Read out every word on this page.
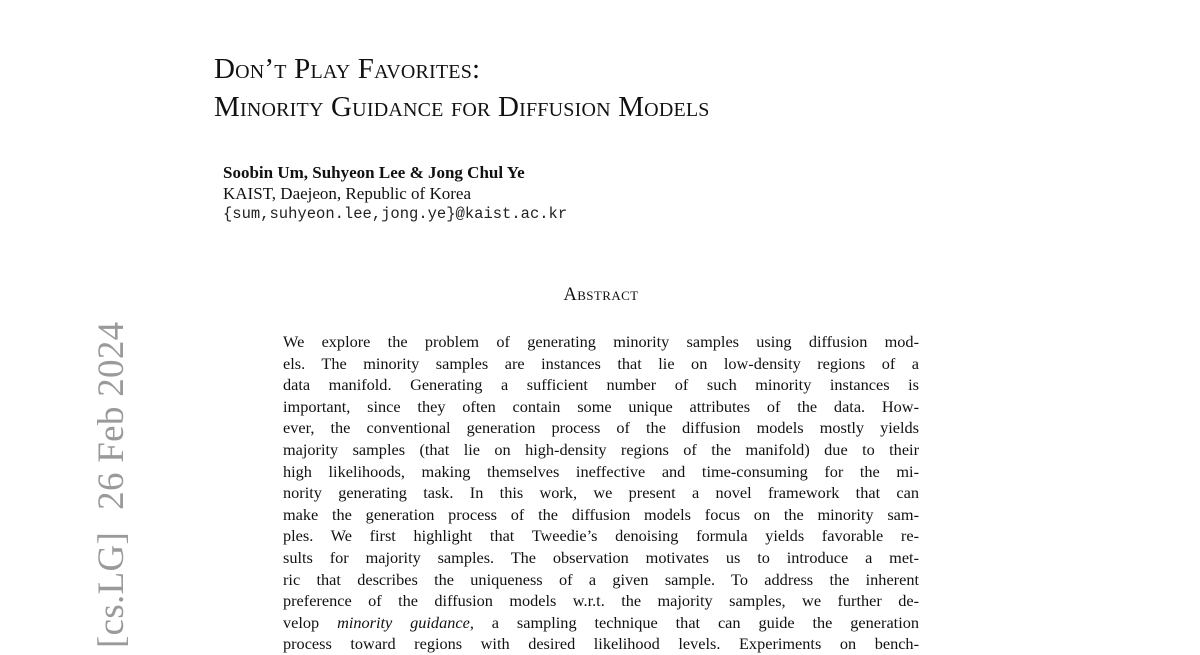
[cs.LG]26 Feb 2024
Don’t Play Favorites:
Minority Guidance for Diffusion Models
Soobin Um, Suhyeon Lee & Jong Chul Ye
KAIST, Daejeon, Republic of Korea
{sum,suhyeon.lee,jong.ye}@kaist.ac.kr
Abstract
We explore the problem of generating minority samples using diffusion mod-
els. The minority samples are instances that lie on low-density regions of a
data manifold. Generating a sufficient number of such minority instances is
important, since they often contain some unique attributes of the data. How-
ever, the conventional generation process of the diffusion models mostly yields
majority samples (that lie on high-density regions of the manifold) due to their
high likelihoods, making themselves ineffective and time-consuming for the mi-
nority generating task. In this work, we present a novel framework that can
make the generation process of the diffusion models focus on the minority sam-
ples. We first highlight that Tweedie’s denoising formula yields favorable re-
sults for majority samples. The observation motivates us to introduce a met-
ric that describes the uniqueness of a given sample. To address the inherent
preference of the diffusion models w.r.t. the majority samples, we further de-
velop minority guidance, a sampling technique that can guide the generation
process toward regions with desired likelihood levels. Experiments on bench-
